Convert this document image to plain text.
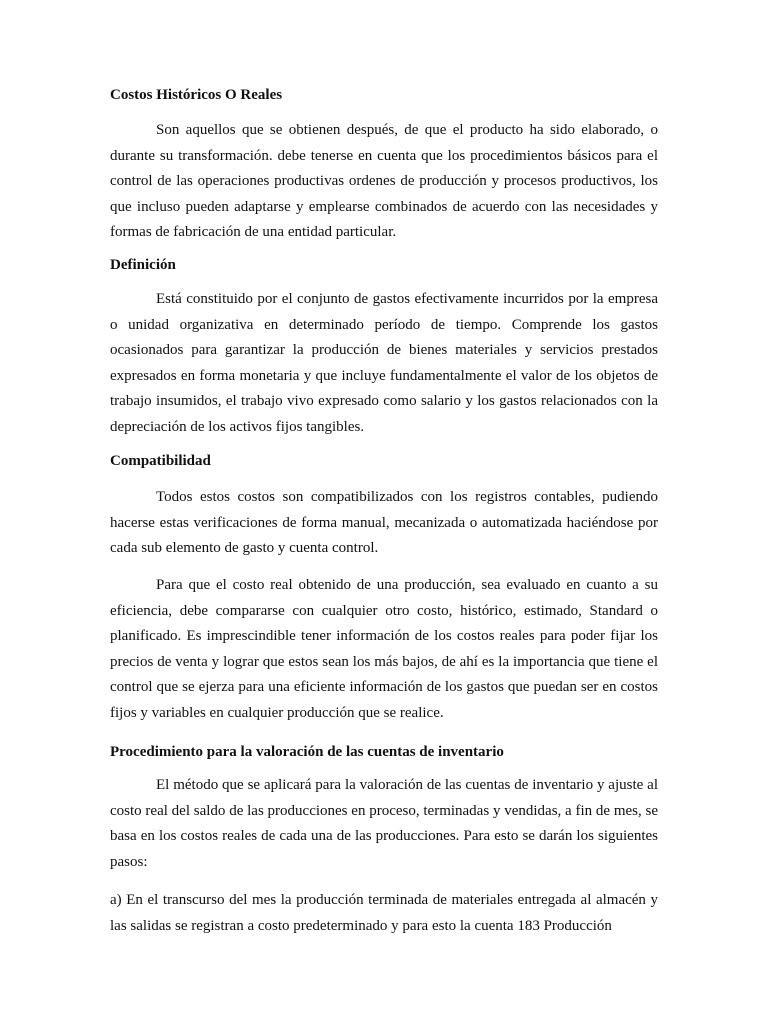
Costos Históricos O Reales

Son aquellos que se obtienen después, de que el producto ha sido elaborado, o durante su transformación. debe tenerse en cuenta que los procedimientos básicos para el control de las operaciones productivas ordenes de producción y procesos productivos, los que incluso pueden adaptarse y emplearse combinados de acuerdo con las necesidades y formas de fabricación de una entidad particular.

Definición

Está constituido por el conjunto de gastos efectivamente incurridos por la empresa o unidad organizativa en determinado período de tiempo. Comprende los gastos ocasionados para garantizar la producción de bienes materiales y servicios prestados expresados en forma monetaria y que incluye fundamentalmente el valor de los objetos de trabajo insumidos, el trabajo vivo expresado como salario y los gastos relacionados con la depreciación de los activos fijos tangibles.

Compatibilidad

Todos estos costos son compatibilizados con los registros contables, pudiendo hacerse estas verificaciones de forma manual, mecanizada o automatizada haciéndose por cada sub elemento de gasto y cuenta control.

Para que el costo real obtenido de una producción, sea evaluado en cuanto a su eficiencia, debe compararse con cualquier otro costo, histórico, estimado, Standard o planificado. Es imprescindible tener información de los costos reales para poder fijar los precios de venta y lograr que estos sean los más bajos, de ahí es la importancia que tiene el control que se ejerza para una eficiente información de los gastos que puedan ser en costos fijos y variables en cualquier producción que se realice.

Procedimiento para la valoración de las cuentas de inventario

El método que se aplicará para la valoración de las cuentas de inventario y ajuste al costo real del saldo de las producciones en proceso, terminadas y vendidas, a fin de mes, se basa en los costos reales de cada una de las producciones. Para esto se darán los siguientes pasos:

a) En el transcurso del mes la producción terminada de materiales entregada al almacén y las salidas se registran a costo predeterminado y para esto la cuenta 183 Producción
